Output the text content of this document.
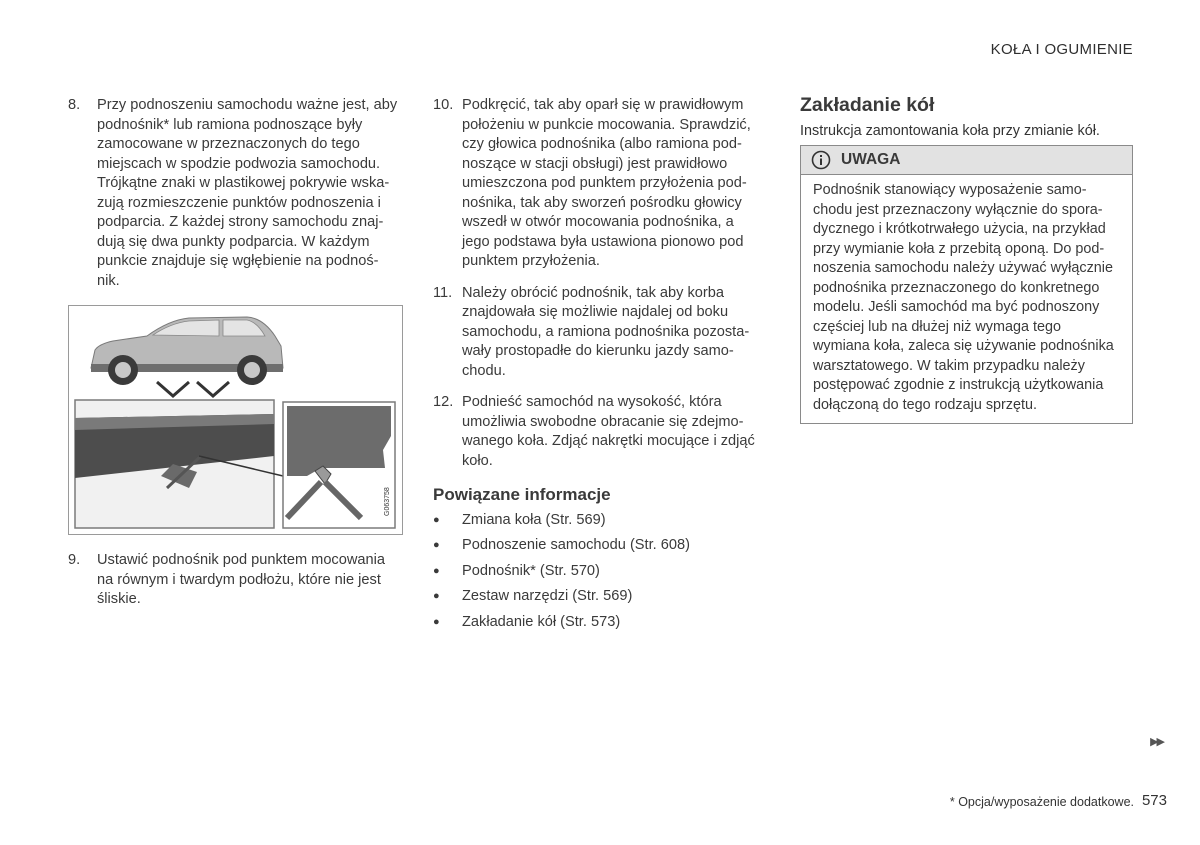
KOŁA I OGUMIENIE
8.	Przy podnoszeniu samochodu ważne jest, aby
podnośnik* lub ramiona podnoszące były
zamocowane w przeznaczonych do tego
miejscach w spodzie podwozia samochodu.
Trójkątne znaki w plastikowej pokrywie wska-
zują rozmieszczenie punktów podnoszenia i
podparcia. Z każdej strony samochodu znaj-
dują się dwa punkty podparcia. W każdym
punkcie znajduje się wgłębienie na podnoś-
nik.
G063758
9.	Ustawić podnośnik pod punktem mocowania
na równym i twardym podłożu, które nie jest
śliskie.
10. Podkręcić, tak aby oparł się w prawidłowym
położeniu w punkcie mocowania. Sprawdzić,
czy głowica podnośnika (albo ramiona pod-
noszące w stacji obsługi) jest prawidłowo
umieszczona pod punktem przyłożenia pod-
nośnika, tak aby sworzeń pośrodku głowicy
wszedł w otwór mocowania podnośnika, a
jego podstawa była ustawiona pionowo pod
punktem przyłożenia.
11. Należy obrócić podnośnik, tak aby korba
znajdowała się możliwie najdalej od boku
samochodu, a ramiona podnośnika pozosta-
wały prostopadłe do kierunku jazdy samo-
chodu.
12. Podnieść samochód na wysokość, która
umożliwia swobodne obracanie się zdejmo-
wanego koła. Zdjąć nakrętki mocujące i zdjąć
koło.
Powiązane informacje
●	Zmiana koła (Str. 569)
●	Podnoszenie samochodu (Str. 608)
●	Podnośnik* (Str. 570)
●	Zestaw narzędzi (Str. 569)
●	Zakładanie kół (Str. 573)
Zakładanie kół
Instrukcja zamontowania koła przy zmianie kół.
UWAGA
Podnośnik stanowiący wyposażenie samo-
chodu jest przeznaczony wyłącznie do spora-
dycznego i krótkotrwałego użycia, na przykład
przy wymianie koła z przebitą oponą. Do pod-
noszenia samochodu należy używać wyłącznie
podnośnika przeznaczonego do konkretnego
modelu. Jeśli samochód ma być podnoszony
częściej lub na dłużej niż wymaga tego
wymiana koła, zaleca się używanie podnośnika
warsztatowego. W takim przypadku należy
postępować zgodnie z instrukcją użytkowania
dołączoną do tego rodzaju sprzętu.
▶▶
* Opcja/wyposażenie dodatkowe. 573
